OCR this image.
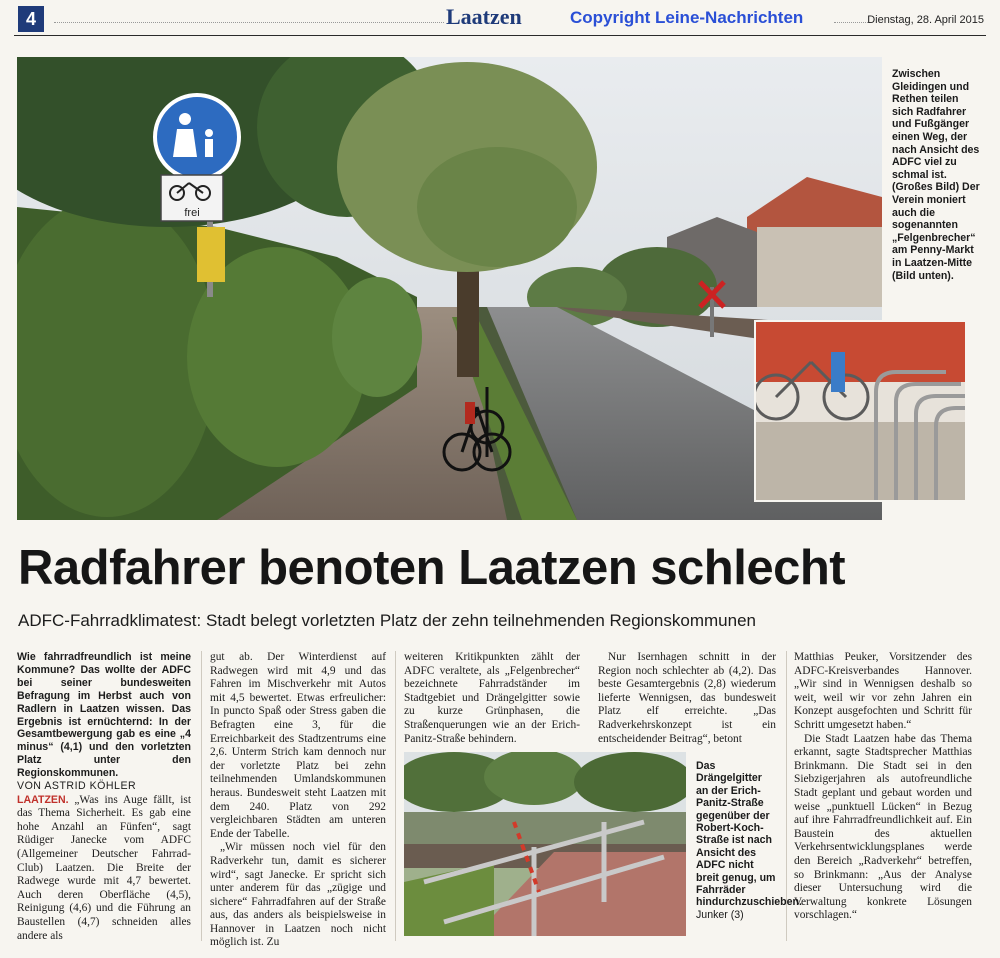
4	Laatzen	Copyright Leine-Nachrichten	Dienstag, 28. April 2015
frei
Zwischen Gleidingen und Rethen teilen sich Radfahrer und Fußgänger einen Weg, der nach Ansicht des ADFC viel zu schmal ist. (Großes Bild) Der Verein moniert auch die sogenannten „Felgenbrecher“ am Penny-Markt in Laatzen-Mitte (Bild unten).
Radfahrer benoten Laatzen schlecht
ADFC-Fahrradklimatest: Stadt belegt vorletzten Platz der zehn teilnehmenden Regionskommunen

Wie fahrradfreundlich ist meine Kommune? Das wollte der ADFC bei seiner bundesweiten Befragung im Herbst auch von Radlern in Laatzen wissen. Das Ergebnis ist ernüchternd: In der Gesamtbewergung gab es eine „4 minus“ (4,1) und den vorletzten Platz unter den Regionskommunen.

VON ASTRID KÖHLER

LAATZEN. „Was ins Auge fällt, ist das Thema Sicherheit. Es gab eine hohe Anzahl an Fünfen“, sagt Rüdiger Janecke vom ADFC (Allgemeiner Deutscher Fahrrad-Club) Laatzen. Die Breite der Radwege wurde mit 4,7 bewertet. Auch deren Oberfläche (4,5), Reinigung (4,6) und die Führung an Baustellen (4,7) schneiden alles andere als

gut ab. Der Winterdienst auf Radwegen wird mit 4,9 und das Fahren im Mischverkehr mit Autos mit 4,5 bewertet. Etwas erfreulicher: In puncto Spaß oder Stress gaben die Befragten eine 3, für die Erreichbarkeit des Stadtzentrums eine 2,6. Unterm Strich kam dennoch nur der vorletzte Platz bei zehn teilnehmenden Umlandskommunen heraus. Bundesweit steht Laatzen mit dem 240. Platz von 292 vergleichbaren Städten am unteren Ende der Tabelle.

„Wir müssen noch viel für den Radverkehr tun, damit es sicherer wird“, sagt Janecke. Er spricht sich unter anderem für das „zügige und sichere“ Fahrradfahren auf der Straße aus, das anders als beispielsweise in Hannover in Laatzen noch nicht möglich ist. Zu

weiteren Kritikpunkten zählt der ADFC veraltete, als „Felgenbrecher“ bezeichnete Fahrradständer im Stadtgebiet und Drängelgitter sowie zu kurze Grünphasen, die Straßenquerungen wie an der Erich-Panitz-Straße behindern.

Nur Isernhagen schnitt in der Region noch schlechter ab (4,2). Das beste Gesamtergebnis (2,8) wiederum lieferte Wennigsen, das bundesweit Platz elf erreichte. „Das Radverkehrskonzept ist ein entscheidender Beitrag“, betont

Matthias Peuker, Vorsitzender des ADFC-Kreisverbandes Hannover. „Wir sind in Wennigsen deshalb so weit, weil wir vor zehn Jahren ein Konzept ausgefochten und Schritt für Schritt umgesetzt haben.“

Die Stadt Laatzen habe das Thema erkannt, sagte Stadtsprecher Matthias Brinkmann. Die Stadt sei in den Siebzigerjahren als autofreundliche Stadt geplant und gebaut worden und weise „punktuell Lücken“ in Bezug auf ihre Fahrradfreundlichkeit auf. Ein Baustein des aktuellen Verkehrsentwicklungsplanes werde den Bereich „Radverkehr“ betreffen, so Brinkmann: „Aus der Analyse dieser Untersuchung wird die Verwaltung konkrete Lösungen vorschlagen.“

Das Drängelgitter an der Erich-Panitz-Straße gegenüber der Robert-Koch-Straße ist nach Ansicht des ADFC nicht breit genug, um Fahrräder hindurchzuschieben. Junker (3)
